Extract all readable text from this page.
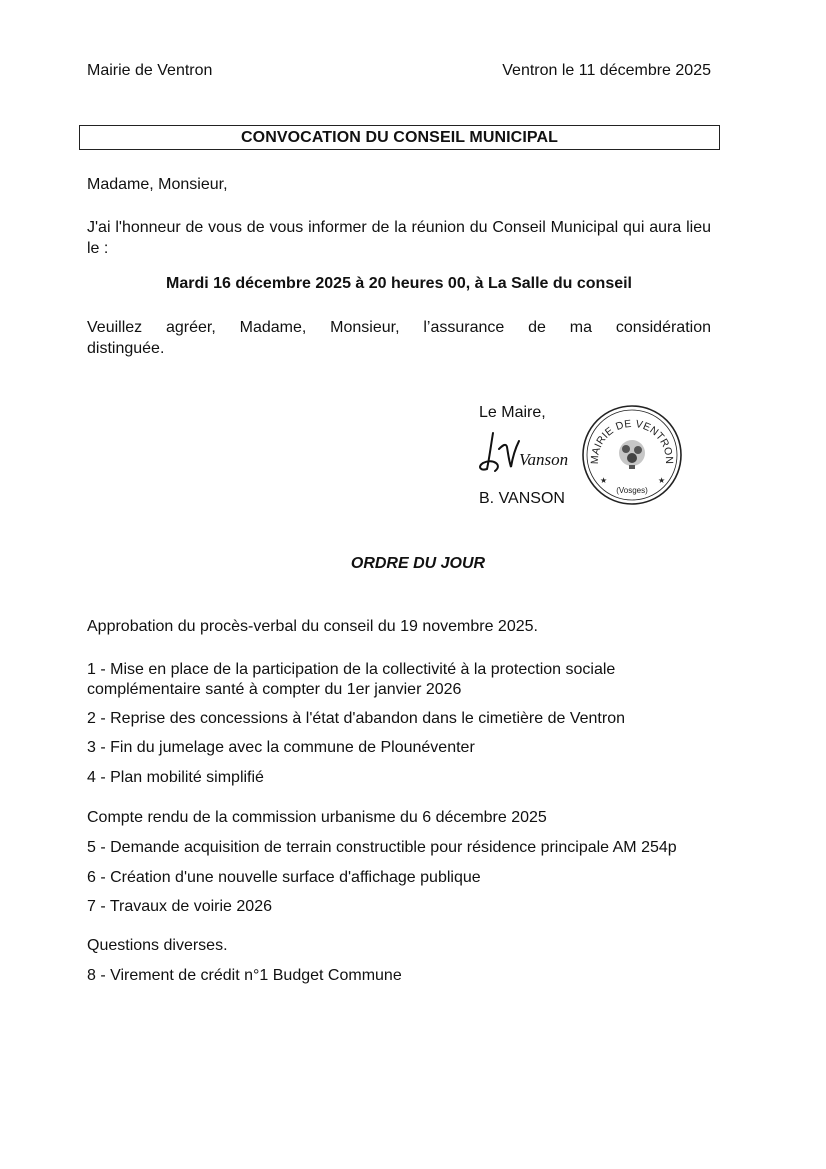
Mairie de Ventron	Ventron le 11 décembre 2025
CONVOCATION DU CONSEIL MUNICIPAL
Madame, Monsieur,
J'ai l'honneur de vous de vous informer de la réunion du Conseil Municipal qui aura lieu le :
Mardi 16 décembre 2025 à 20 heures 00, à La Salle du conseil
Veuillez agréer, Madame, Monsieur, l’assurance de ma considération
distinguée.
Le Maire,
Vanson MAIRIE DE VENTRON
(Vosges)
★	★
B. VANSON
ORDRE DU JOUR
Approbation du procès-verbal du conseil du 19 novembre 2025.
1 - Mise en place de la participation de la collectivité à la protection sociale complémentaire santé à compter du 1er janvier 2026
2 - Reprise des concessions à l'état d'abandon dans le cimetière de Ventron
3 - Fin du jumelage avec la commune de Plounéventer
4 - Plan mobilité simplifié
Compte rendu de la commission urbanisme du 6 décembre 2025
5 - Demande acquisition de terrain constructible pour résidence principale AM 254p
6 - Création d'une nouvelle surface d'affichage publique
7 - Travaux de voirie 2026
Questions diverses.
8 - Virement de crédit n°1 Budget Commune
